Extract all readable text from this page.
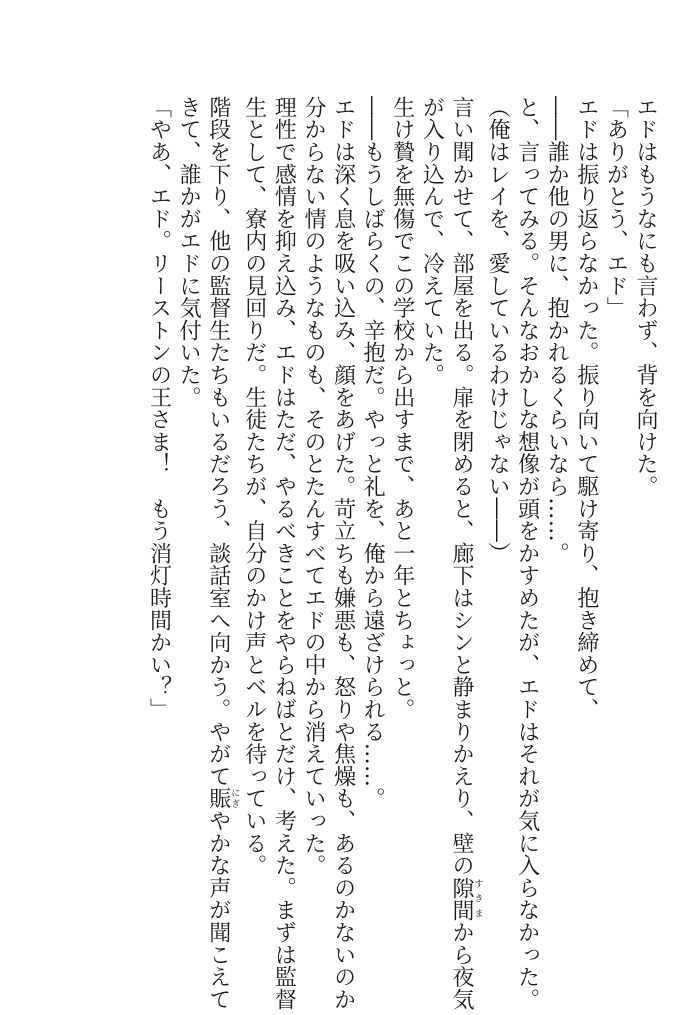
エドはもうなにも言わず、背を向けた。
「ありがとう、エド」
エドは振り返らなかった。振り向いて駆け寄り、抱き締めて、
――誰か他の男に、抱かれるくらいなら……。
と、言ってみる。そんなおかしな想像が頭をかすめたが、エドはそれが気に入らなかった。
（俺はレイを、愛しているわけじゃない――）
言い聞かせて、部屋を出る。扉を閉めると、廊下はシンと静まりかえり、壁の隙間すきまから夜気
が入り込んで、冷えていた。
生け贄を無傷でこの学校から出すまで、あと一年とちょっと。
――もうしばらくの、辛抱だ。やっと礼を、俺から遠ざけられる……。
エドは深く息を吸い込み、顔をあげた。苛立ちも嫌悪も、怒りや焦燥も、あるのかないのか
分からない情のようなものも、そのとたんすべてエドの中から消えていった。
理性で感情を抑え込み、エドはただ、やるべきことをやらねばとだけ、考えた。まずは監督
生として、寮内の見回りだ。生徒たちが、自分のかけ声とベルを待っている。
階段を下り、他の監督生たちもいるだろう、談話室へ向かう。やがて賑にぎやかな声が聞こえて
きて、誰かがエドに気付いた。
「やあ、エド。リーストンの王さま！　もう消灯時間かい？」
